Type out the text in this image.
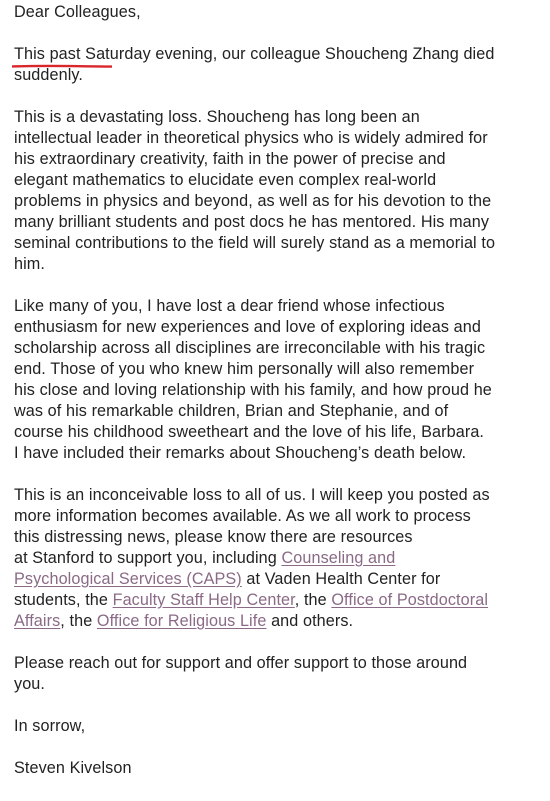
Dear Colleagues,

This past Saturday evening
, our colleague Shoucheng Zhang died
suddenly.

This is a devastating loss. Shoucheng has long been an
intellectual leader in theoretical physics who is widely admired for
his extraordinary creativity, faith in the power of precise and
elegant mathematics to elucidate even complex real-world
problems in physics and beyond, as well as for his devotion to the
many brilliant students and post docs he has mentored. His many
seminal contributions to the field will surely stand as a memorial to
him.

Like many of you, I have lost a dear friend whose infectious
enthusiasm for new experiences and love of exploring ideas and
scholarship across all disciplines are irreconcilable with his tragic
end. Those of you who knew him personally will also remember
his close and loving relationship with his family, and how proud he
was of his remarkable children, Brian and Stephanie, and of
course his childhood sweetheart and the love of his life, Barbara.
I have included their remarks about Shoucheng’s death below.

This is an inconceivable loss to all of us. I will keep you posted as
more information becomes available. As we all work to process
this distressing news, please know there are resources
at Stanford to support you, including Counseling and
Psychological Services (CAPS) at Vaden Health Center for
students, the Faculty Staff Help Center, the Office of Postdoctoral
Affairs, the Office for Religious Life and others.

Please reach out for support and offer support to those around
you.

In sorrow,

Steven Kivelson
